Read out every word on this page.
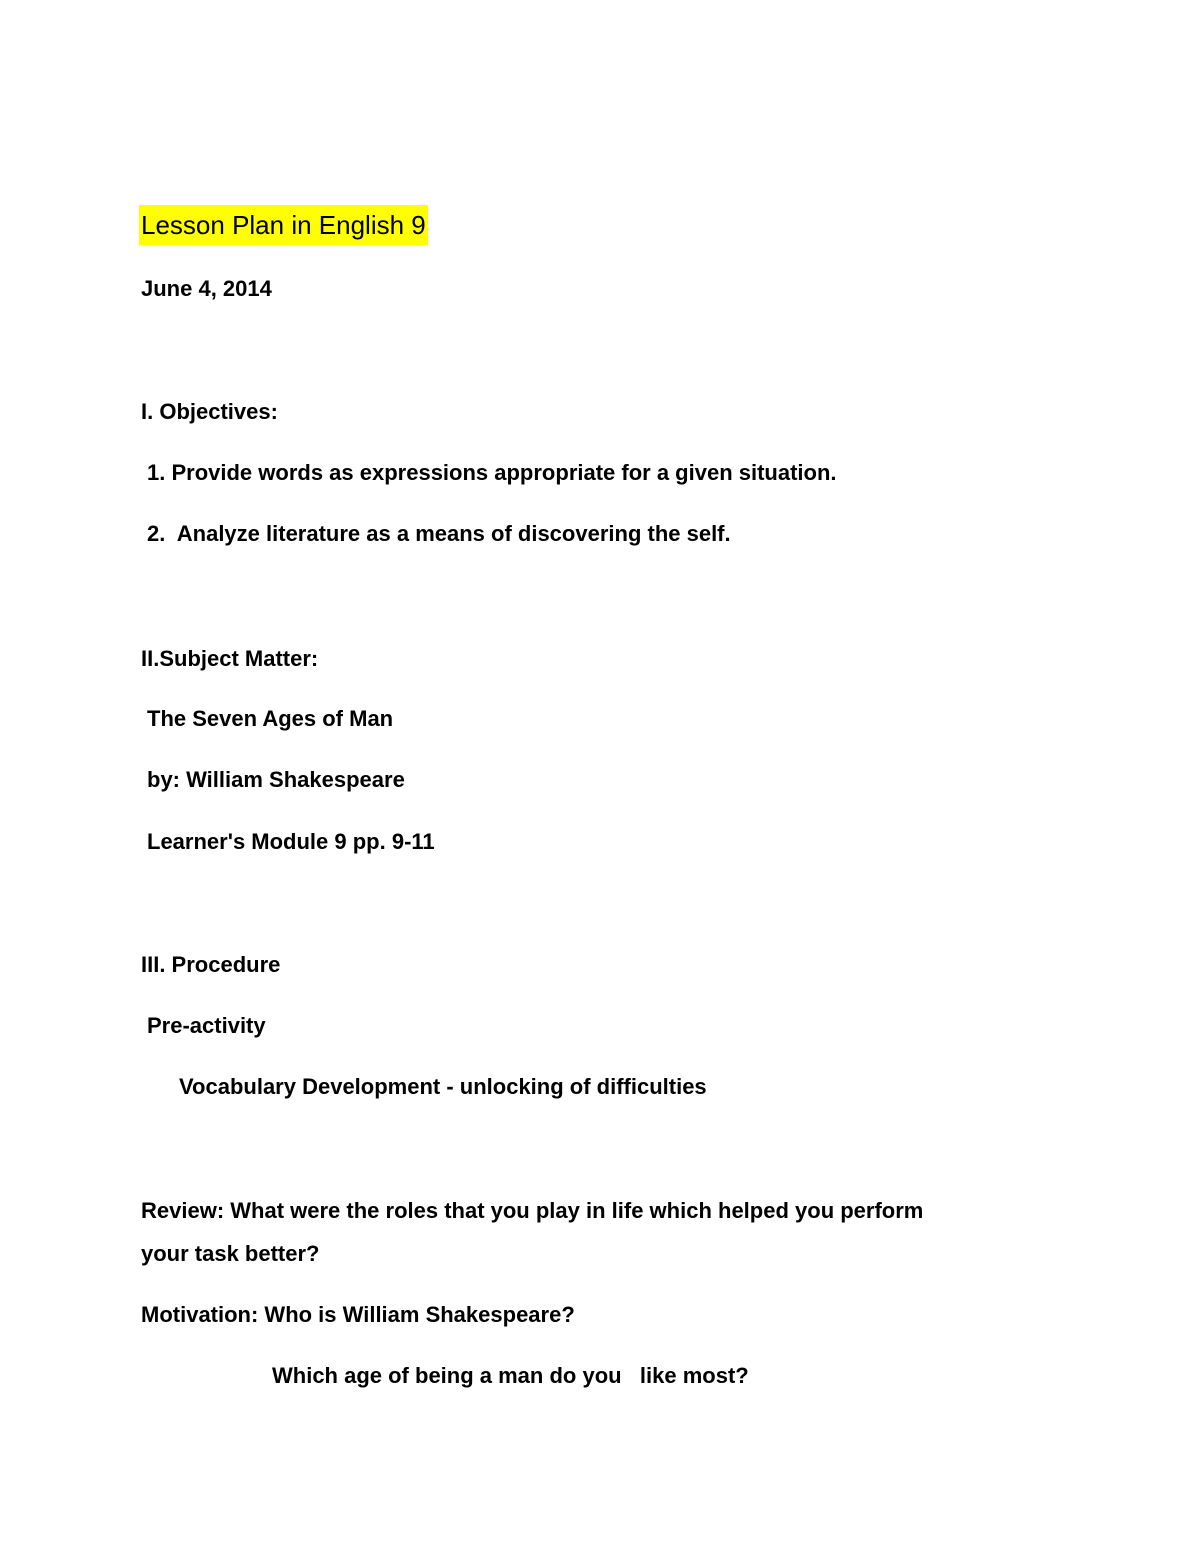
Lesson Plan in English 9
June 4, 2014
I. Objectives:
1. Provide words as expressions appropriate for a given situation.
2.  Analyze literature as a means of discovering the self.
II.Subject Matter:
The Seven Ages of Man
by: William Shakespeare
Learner's Module 9 pp. 9-11
III. Procedure
Pre-activity
Vocabulary Development - unlocking of difficulties
Review: What were the roles that you play in life which helped you perform
your task better?
Motivation: Who is William Shakespeare?
Which age of being a man do you   like most?
